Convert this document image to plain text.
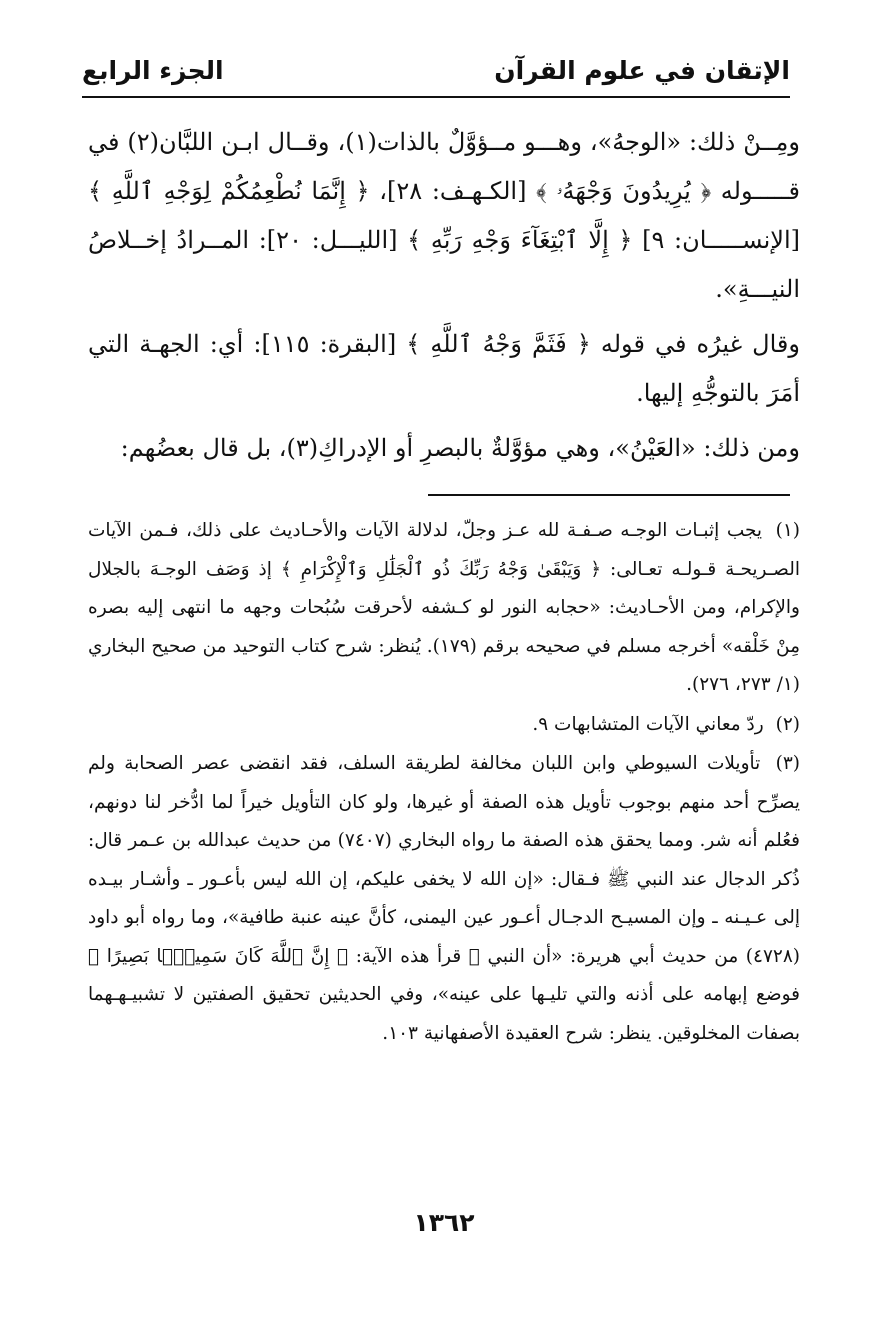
الإتقان في علوم القرآن
الجزء الرابع

ومِــنْ ذلك: «الوجهُ»، وهـــو مــؤوَّلٌ بالذات(١)، وقــال ابـن اللبَّان(٢) في قـــــوله ﴿ يُرِيدُونَ وَجْهَهُۥ ﴾ [الكـهـف: ٢٨]، ﴿ إِنَّمَا نُطْعِمُكُمْ لِوَجْهِ ٱللَّهِ ﴾ [الإنســـــان: ٩] ﴿ إِلَّا ٱبْتِغَآءَ وَجْهِ رَبِّهِ ﴾ [الليـــل: ٢٠]: المــرادُ إخــلاصُ النيـــةِ».

وقال غيرُه في قوله ﴿ فَثَمَّ وَجْهُ ٱللَّهِ ﴾ [البقرة: ١١٥]: أي: الجهـة التي أمَرَ بالتوجُّهِ إليها.

ومن ذلك: «العَيْنُ»، وهي مؤوَّلةٌ بالبصرِ أو الإدراكِ(٣)، بل قال بعضُهم:

(١) يجب إثبـات الوجـه صـفـة لله عـز وجلّ، لدلالة الآيات والأحـاديث على ذلك، فـمن الآيات الصـريحـة قـولـه تعـالى: ﴿ وَيَبْقَىٰ وَجْهُ رَبِّكَ ذُو ٱلْجَلَٰلِ وَٱلْإِكْرَامِ ﴾ إذ وَصَف الوجـهَ بالجلال والإكرام، ومن الأحـاديث: «حجابه النور لو كـشفه لأحرقت سُبُحات وجهه ما انتهى إليه بصره مِنْ خَلْقه» أخرجه مسلم في صحيحه برقم (١٧٩). يُنظر: شرح كتاب التوحيد من صحيح البخاري (١/ ٢٧٣، ٢٧٦).

(٢) ردّ معاني الآيات المتشابهات ٩.

(٣) تأويلات السيوطي وابن اللبان مخالفة لطريقة السلف، فقد انقضى عصر الصحابة ولم يصرِّح أحد منهم بوجوب تأويل هذه الصفة أو غيرها، ولو كان التأويل خيراً لما ادُّخر لنا دونهم، فعُلم أنه شر. ومما يحقق هذه الصفة ما رواه البخاري (٧٤٠٧) من حديث عبدالله بن عـمر قال: ذُكر الدجال عند النبي ﷺ فـقال: «إن الله لا يخفى عليكم، إن الله ليس بأعـور ـ وأشـار بيـده إلى عـيـنه ـ وإن المسيـح الدجـال أعـور عين اليمنى، كأنَّ عينه عنبة طافية»، وما رواه أبو داود (٤٧٢٨) من حديث أبي هريرة: «أن النبي ﷺ قرأ هذه الآية: ﴿ إِنَّ ٱللَّهَ كَانَ سَمِيعًۢا بَصِيرًا ﴾ فوضع إبهامه على أذنه والتي تليـها على عينه»، وفي الحديثين تحقيق الصفتين لا تشبيـهـهما بصفات المخلوقين. ينظر: شرح العقيدة الأصفهانية ١٠٣.

١٣٦٢
